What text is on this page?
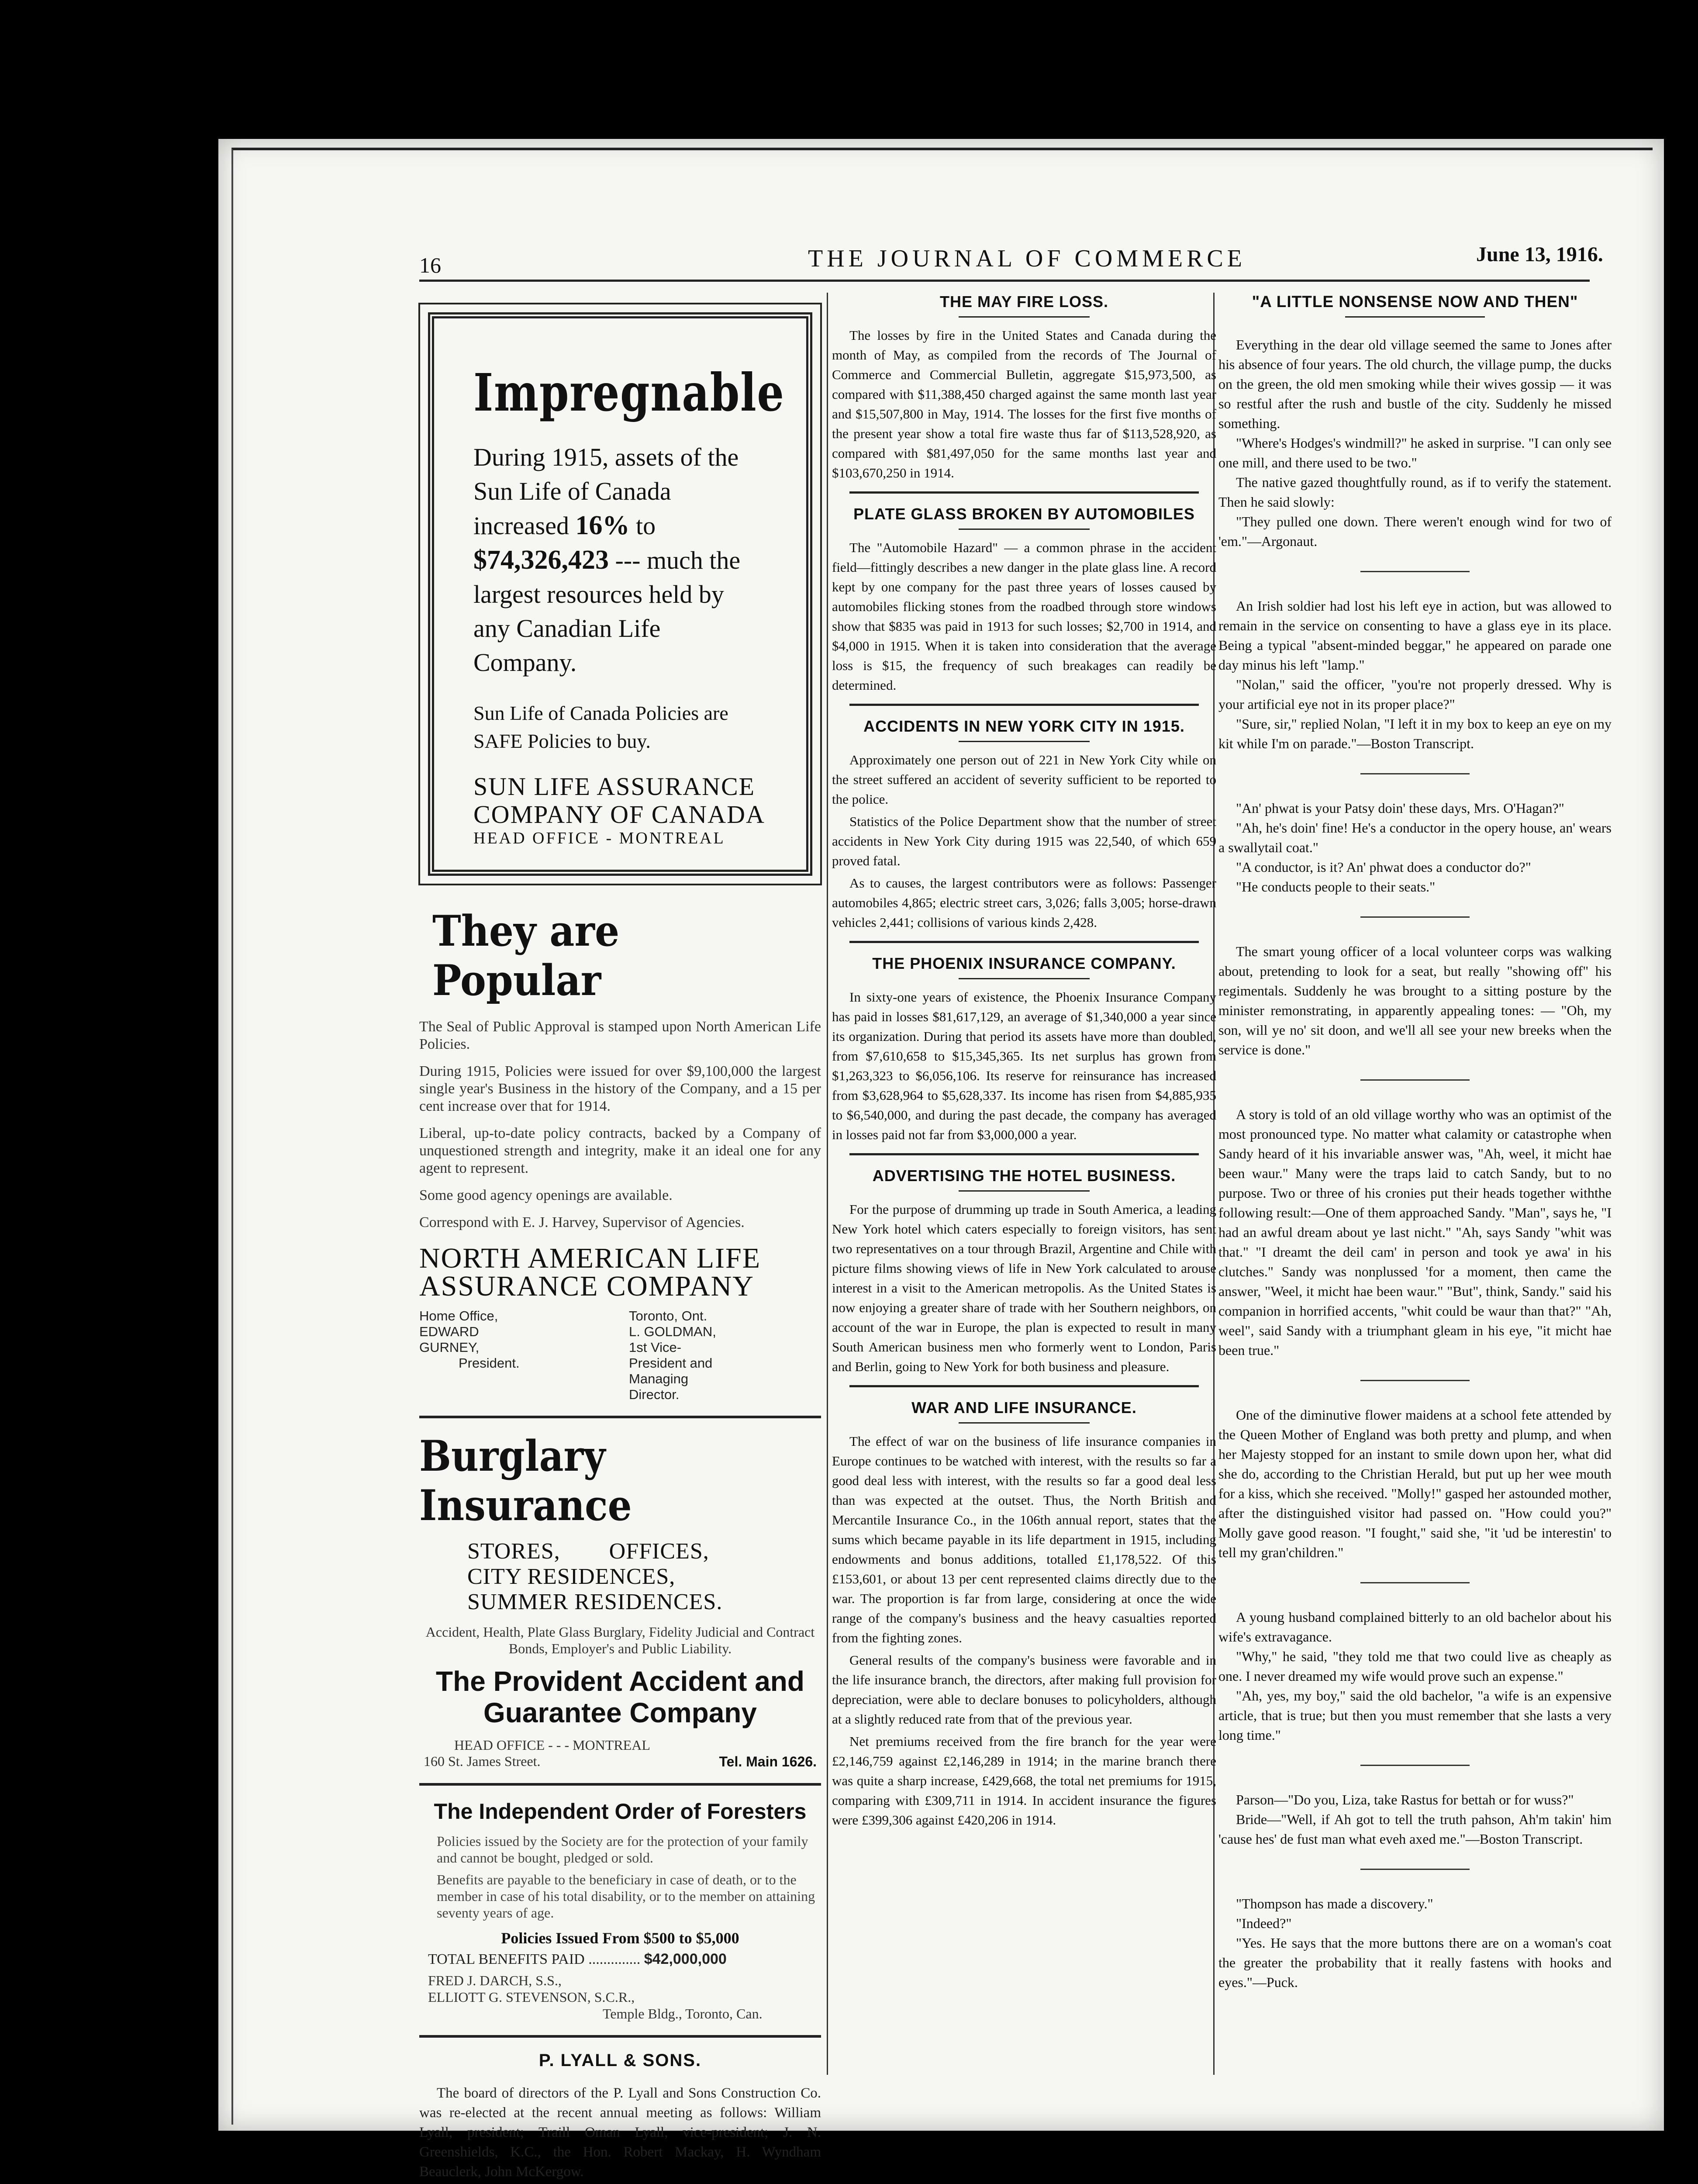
16	THE JOURNAL OF COMMERCE	June 13, 1916.
Impregnable

During 1915, assets of the Sun Life of Canada increased 16% to $74,326,423 --- much the largest resources held by any Canadian Life Company.

Sun Life of Canada Policies are SAFE Policies to buy.

SUN LIFE ASSURANCE

COMPANY OF CANADA

HEAD OFFICE - MONTREAL

They are Popular

The Seal of Public Approval is stamped upon North American Life Policies.

During 1915, Policies were issued for over $9,100,000 the largest single year's Business in the history of the Company, and a 15 per cent increase over that for 1914.

Liberal, up-to-date policy contracts, backed by a Company of unquestioned strength and integrity, make it an ideal one for any agent to represent.

Some good agency openings are available.

Correspond with E. J. Harvey, Supervisor of Agencies.

NORTH AMERICAN LIFE ASSURANCE COMPANY

Home Office,
EDWARD GURNEY,
President.
Toronto, Ont.
L. GOLDMAN,
1st Vice-President and Managing Director.
Burglary Insurance

STORES,        OFFICES,

CITY RESIDENCES,

SUMMER RESIDENCES.

Accident, Health, Plate Glass Burglary, Fidelity Judicial and Contract Bonds, Employer's and Public Liability.

The Provident Accident and Guarantee Company

HEAD OFFICE - - - MONTREAL
160 St. James Street.	Tel. Main 1626.
The Independent Order of Foresters

Policies issued by the Society are for the protection of your family and cannot be bought, pledged or sold.

Benefits are payable to the beneficiary in case of death, or to the member in case of his total disability, or to the member on attaining seventy years of age.

Policies Issued From $500 to $5,000

TOTAL BENEFITS PAID .............. $42,000,000

FRED J. DARCH, S.S.,
ELLIOTT G. STEVENSON, S.C.R.,
Temple Bldg., Toronto, Can.
P. LYALL & SONS.

The board of directors of the P. Lyall and Sons Construction Co. was re-elected at the recent annual meeting as follows: William Lyall, president; Traill Oman Lyall, vice-president; J. N. Greenshields, K.C., the Hon. Robert Mackay, H. Wyndham Beauclerk, John McKergow.

THE MAY FIRE LOSS.

The losses by fire in the United States and Canada during the month of May, as compiled from the records of The Journal of Commerce and Commercial Bulletin, aggregate $15,973,500, as compared with $11,388,450 charged against the same month last year and $15,507,800 in May, 1914. The losses for the first five months of the present year show a total fire waste thus far of $113,528,920, as compared with $81,497,050 for the same months last year and $103,670,250 in 1914.

PLATE GLASS BROKEN BY AUTOMOBILES

The "Automobile Hazard" — a common phrase in the accident field—fittingly describes a new danger in the plate glass line. A record kept by one company for the past three years of losses caused by automobiles flicking stones from the roadbed through store windows show that $835 was paid in 1913 for such losses; $2,700 in 1914, and $4,000 in 1915. When it is taken into consideration that the average loss is $15, the frequency of such breakages can readily be determined.

ACCIDENTS IN NEW YORK CITY IN 1915.

Approximately one person out of 221 in New York City while on the street suffered an accident of severity sufficient to be reported to the police.

Statistics of the Police Department show that the number of street accidents in New York City during 1915 was 22,540, of which 659 proved fatal.

As to causes, the largest contributors were as follows: Passenger automobiles 4,865; electric street cars, 3,026; falls 3,005; horse-drawn vehicles 2,441; collisions of various kinds 2,428.

THE PHOENIX INSURANCE COMPANY.

In sixty-one years of existence, the Phoenix Insurance Company has paid in losses $81,617,129, an average of $1,340,000 a year since its organization. During that period its assets have more than doubled, from $7,610,658 to $15,345,365. Its net surplus has grown from $1,263,323 to $6,056,106. Its reserve for reinsurance has increased from $3,628,964 to $5,628,337. Its income has risen from $4,885,935 to $6,540,000, and during the past decade, the company has averaged in losses paid not far from $3,000,000 a year.

ADVERTISING THE HOTEL BUSINESS.

For the purpose of drumming up trade in South America, a leading New York hotel which caters especially to foreign visitors, has sent two representatives on a tour through Brazil, Argentine and Chile with picture films showing views of life in New York calculated to arouse interest in a visit to the American metropolis. As the United States is now enjoying a greater share of trade with her Southern neighbors, on account of the war in Europe, the plan is expected to result in many South American business men who formerly went to London, Paris and Berlin, going to New York for both business and pleasure.

WAR AND LIFE INSURANCE.

The effect of war on the business of life insurance companies in Europe continues to be watched with interest, with the results so far a good deal less with interest, with the results so far a good deal less than was expected at the outset. Thus, the North British and Mercantile Insurance Co., in the 106th annual report, states that the sums which became payable in its life department in 1915, including endowments and bonus additions, totalled £1,178,522. Of this £153,601, or about 13 per cent represented claims directly due to the war. The proportion is far from large, considering at once the wide range of the company's business and the heavy casualties reported from the fighting zones.

General results of the company's business were favorable and in the life insurance branch, the directors, after making full provision for depreciation, were able to declare bonuses to policyholders, although at a slightly reduced rate from that of the previous year.

Net premiums received from the fire branch for the year were £2,146,759 against £2,146,289 in 1914; in the marine branch there was quite a sharp increase, £429,668, the total net premiums for 1915, comparing with £309,711 in 1914. In accident insurance the figures were £399,306 against £420,206 in 1914.

"A LITTLE NONSENSE NOW AND THEN"

Everything in the dear old village seemed the same to Jones after his absence of four years. The old church, the village pump, the ducks on the green, the old men smoking while their wives gossip — it was so restful after the rush and bustle of the city. Suddenly he missed something.

"Where's Hodges's windmill?" he asked in surprise. "I can only see one mill, and there used to be two."

The native gazed thoughtfully round, as if to verify the statement. Then he said slowly:

"They pulled one down. There weren't enough wind for two of 'em."—Argonaut.

An Irish soldier had lost his left eye in action, but was allowed to remain in the service on consenting to have a glass eye in its place. Being a typical "absent-minded beggar," he appeared on parade one day minus his left "lamp."

"Nolan," said the officer, "you're not properly dressed. Why is your artificial eye not in its proper place?"

"Sure, sir," replied Nolan, "I left it in my box to keep an eye on my kit while I'm on parade."—Boston Transcript.

"An' phwat is your Patsy doin' these days, Mrs. O'Hagan?"

"Ah, he's doin' fine! He's a conductor in the opery house, an' wears a swallytail coat."

"A conductor, is it? An' phwat does a conductor do?"

"He conducts people to their seats."

The smart young officer of a local volunteer corps was walking about, pretending to look for a seat, but really "showing off" his regimentals. Suddenly he was brought to a sitting posture by the minister remonstrating, in apparently appealing tones: — "Oh, my son, will ye no' sit doon, and we'll all see your new breeks when the service is done."

A story is told of an old village worthy who was an optimist of the most pronounced type. No matter what calamity or catastrophe when Sandy heard of it his invariable answer was, "Ah, weel, it micht hae been waur." Many were the traps laid to catch Sandy, but to no purpose. Two or three of his cronies put their heads together withthe following result:—One of them approached Sandy. "Man", says he, "I had an awful dream about ye last nicht." "Ah, says Sandy "whit was that." "I dreamt the deil cam' in person and took ye awa' in his clutches." Sandy was nonplussed 'for a moment, then came the answer, "Weel, it micht hae been waur." "But", think, Sandy." said his companion in horrified accents, "whit could be waur than that?" "Ah, weel", said Sandy with a triumphant gleam in his eye, "it micht hae been true."

One of the diminutive flower maidens at a school fete attended by the Queen Mother of England was both pretty and plump, and when her Majesty stopped for an instant to smile down upon her, what did she do, according to the Christian Herald, but put up her wee mouth for a kiss, which she received. "Molly!" gasped her astounded mother, after the distinguished visitor had passed on. "How could you?" Molly gave good reason. "I fought," said she, "it 'ud be interestin' to tell my gran'children."

A young husband complained bitterly to an old bachelor about his wife's extravagance.

"Why," he said, "they told me that two could live as cheaply as one. I never dreamed my wife would prove such an expense."

"Ah, yes, my boy," said the old bachelor, "a wife is an expensive article, that is true; but then you must remember that she lasts a very long time."

Parson—"Do you, Liza, take Rastus for bettah or for wuss?"

Bride—"Well, if Ah got to tell the truth pahson, Ah'm takin' him 'cause hes' de fust man what eveh axed me."—Boston Transcript.

"Thompson has made a discovery."

"Indeed?"

"Yes. He says that the more buttons there are on a woman's coat the greater the probability that it really fastens with hooks and eyes."—Puck.
